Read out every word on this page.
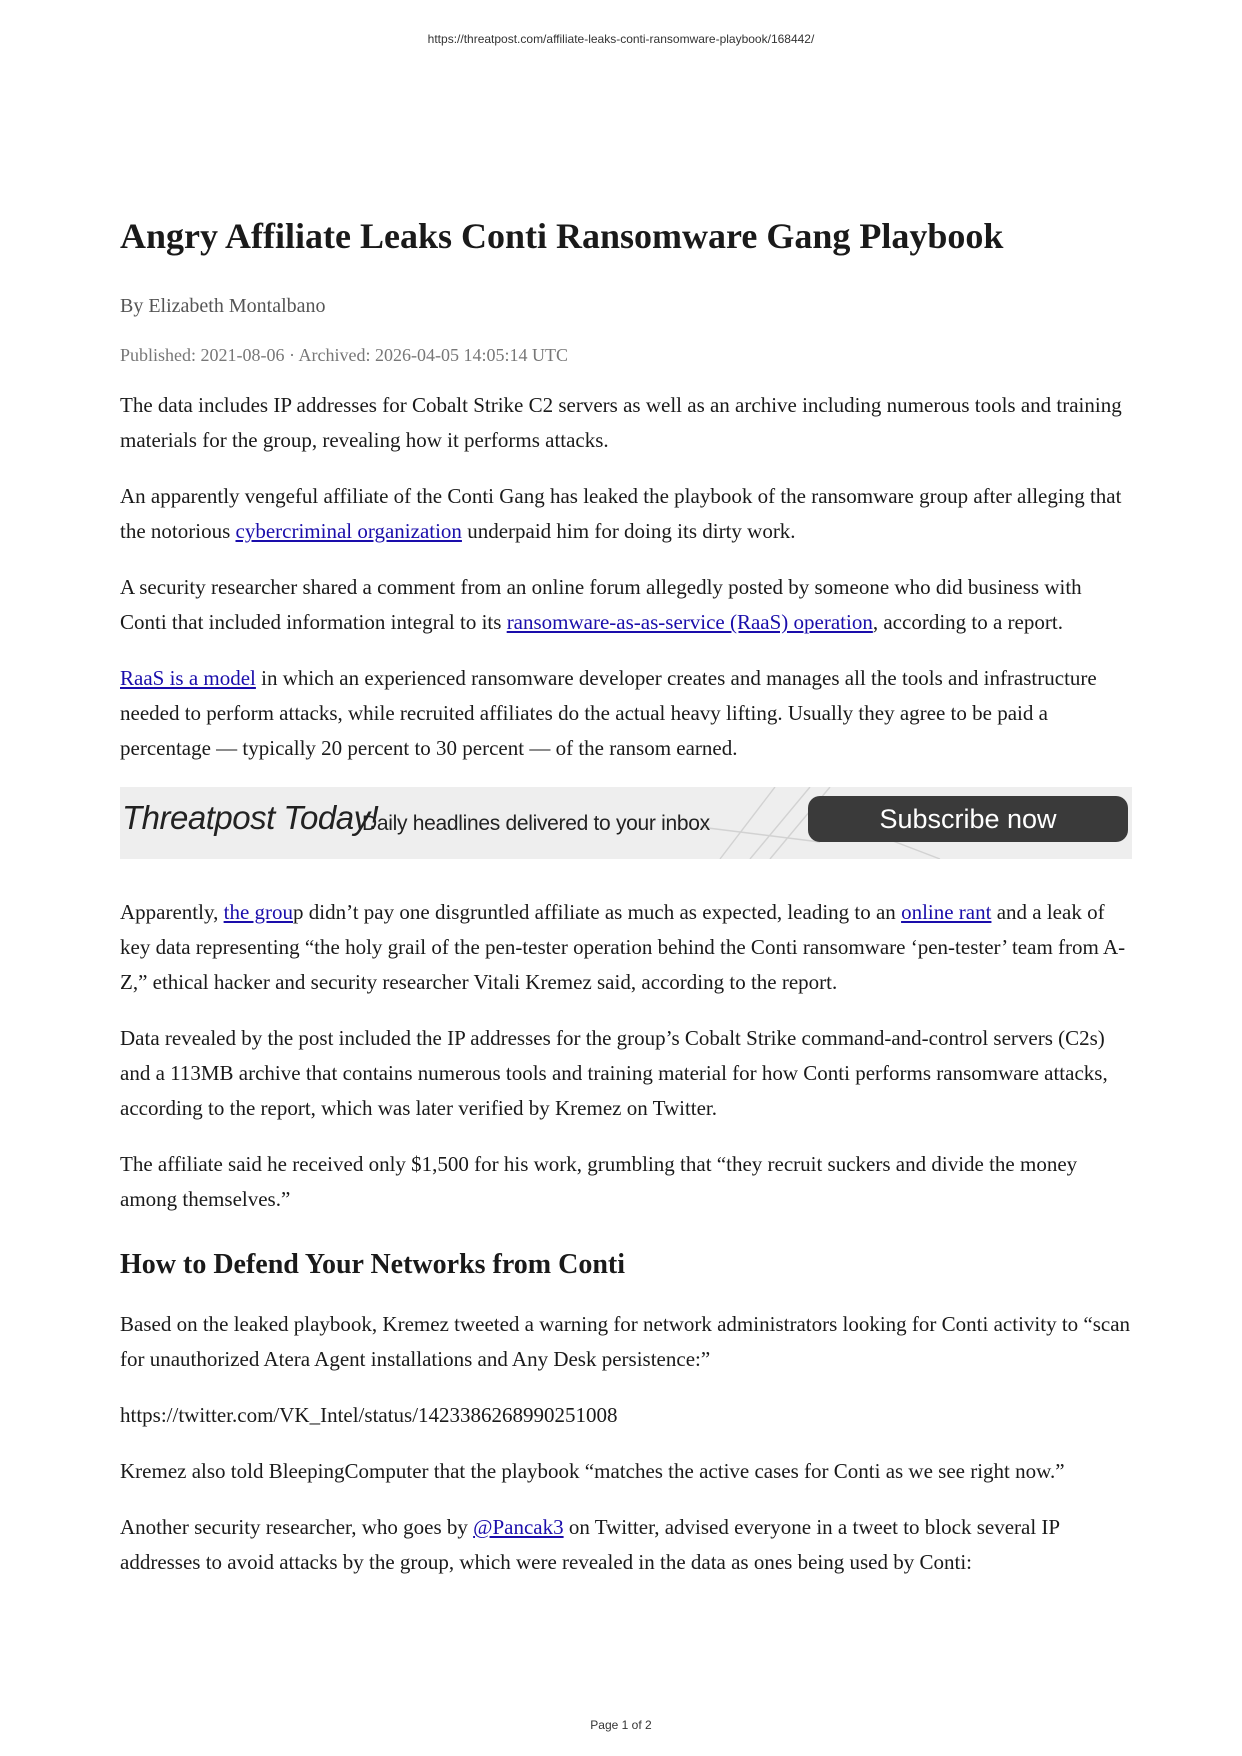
https://threatpost.com/affiliate-leaks-conti-ransomware-playbook/168442/
Angry Affiliate Leaks Conti Ransomware Gang Playbook
By Elizabeth Montalbano
Published: 2021-08-06 · Archived: 2026-04-05 14:05:14 UTC

The data includes IP addresses for Cobalt Strike C2 servers as well as an archive including numerous tools and training materials for the group, revealing how it performs attacks.

An apparently vengeful affiliate of the Conti Gang has leaked the playbook of the ransomware group after alleging that the notorious cybercriminal organization underpaid him for doing its dirty work.

A security researcher shared a comment from an online forum allegedly posted by someone who did business with Conti that included information integral to its ransomware-as-as-service (RaaS) operation, according to a report.

RaaS is a model in which an experienced ransomware developer creates and manages all the tools and infrastructure needed to perform attacks, while recruited affiliates do the actual heavy lifting. Usually they agree to be paid a percentage — typically 20 percent to 30 percent — of the ransom earned.

Threatpost Today!
Daily headlines delivered to your inbox	Subscribe now

Apparently, the group didn’t pay one disgruntled affiliate as much as expected, leading to an online rant and a leak of key data representing “the holy grail of the pen-tester operation behind the Conti ransomware ‘pen-tester’ team from A-Z,” ethical hacker and security researcher Vitali Kremez said, according to the report.

Data revealed by the post included the IP addresses for the group’s Cobalt Strike command-and-control servers (C2s) and a 113MB archive that contains numerous tools and training material for how Conti performs ransomware attacks, according to the report, which was later verified by Kremez on Twitter.

The affiliate said he received only $1,500 for his work, grumbling that “they recruit suckers and divide the money among themselves.”

How to Defend Your Networks from Conti

Based on the leaked playbook, Kremez tweeted a warning for network administrators looking for Conti activity to “scan for unauthorized Atera Agent installations and Any Desk persistence:”

https://twitter.com/VK_Intel/status/1423386268990251008

Kremez also told BleepingComputer that the playbook “matches the active cases for Conti as we see right now.”

Another security researcher, who goes by @Pancak3 on Twitter, advised everyone in a tweet to block several IP addresses to avoid attacks by the group, which were revealed in the data as ones being used by Conti:

Page 1 of 2
